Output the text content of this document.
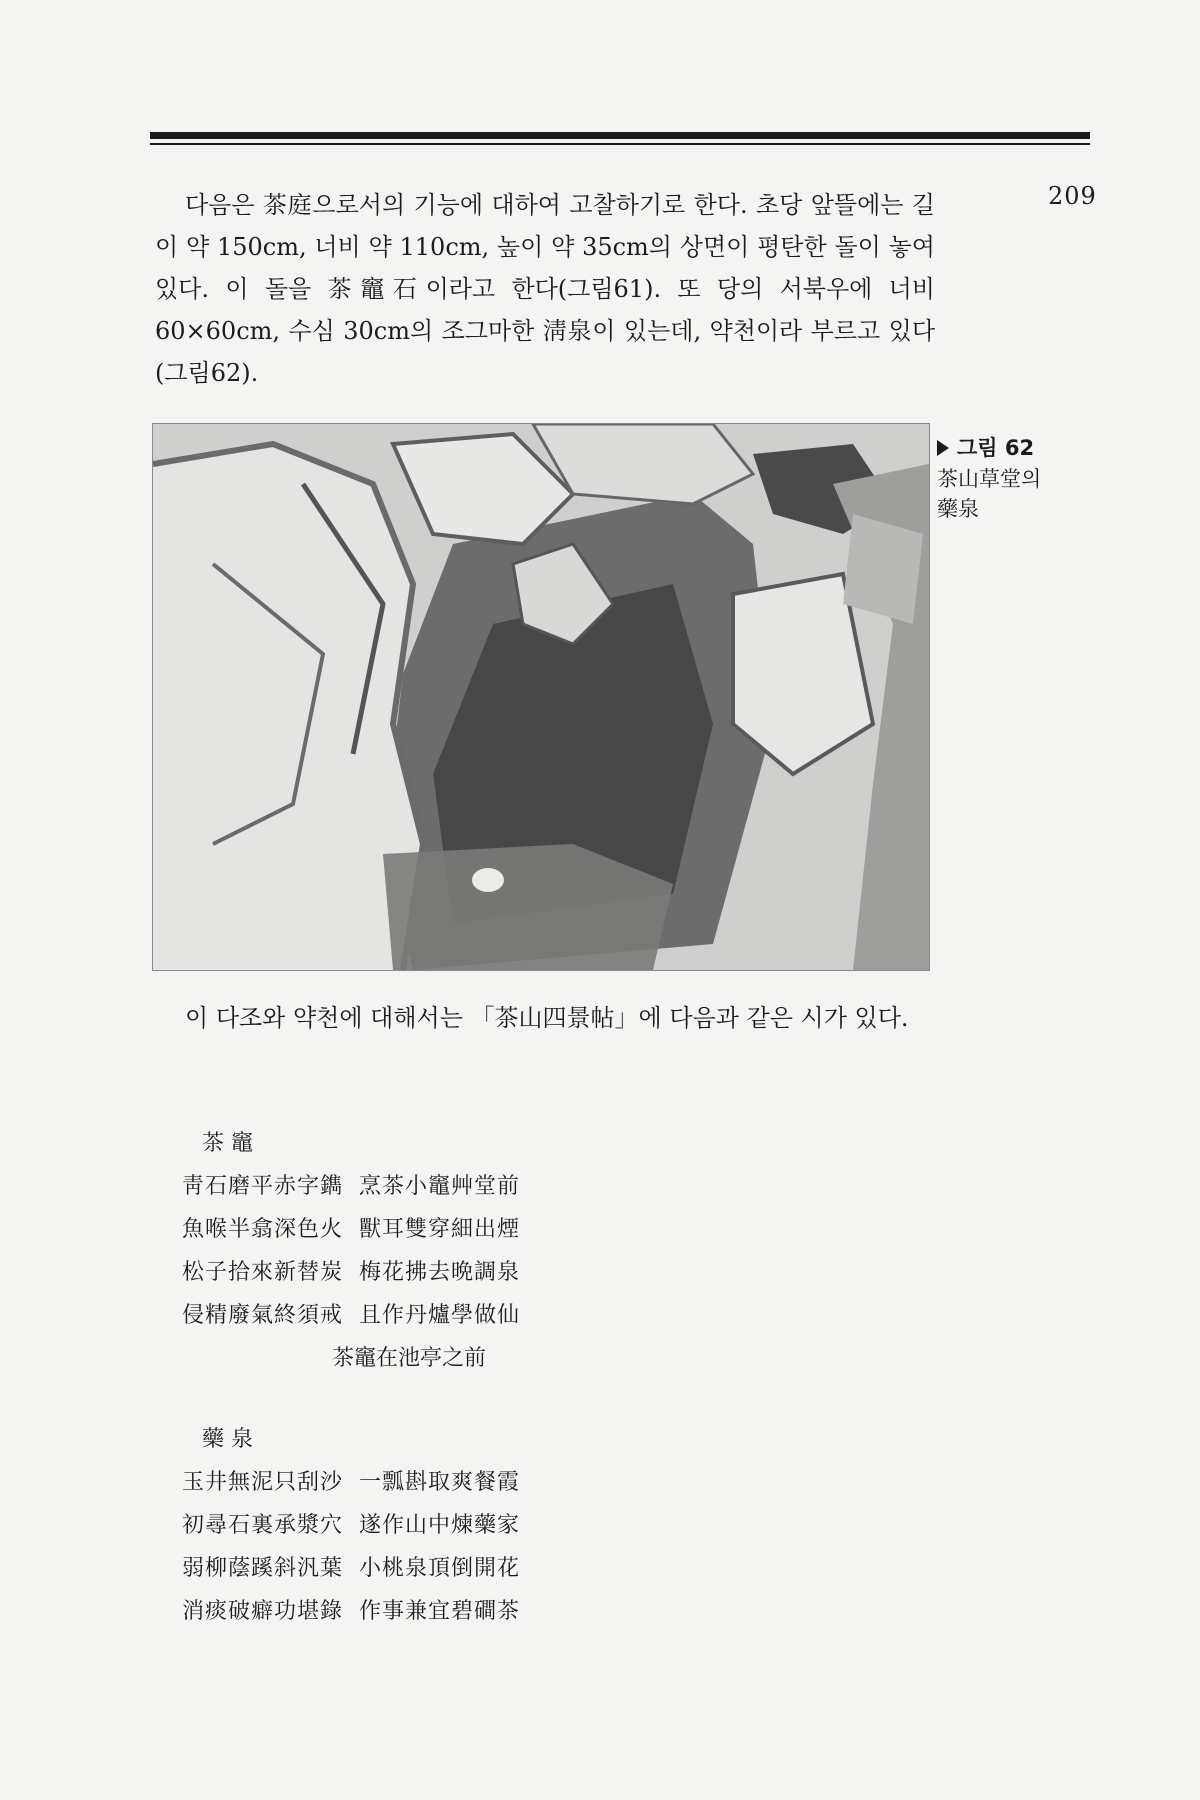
209

다음은 茶庭으로서의 기능에 대하여 고찰하기로 한다. 초당 앞뜰에는 길이 약 150cm, 너비 약 110cm, 높이 약 35cm의 상면이 평탄한 돌이 놓여 있다. 이 돌을 茶竈石이라고 한다(그림61). 또 당의 서북우에 너비 60×60cm, 수심 30cm의 조그마한 淸泉이 있는데, 약천이라 부르고 있다(그림62).

그림 62
茶山草堂의
藥泉

이 다조와 약천에 대해서는 「茶山四景帖」에 다음과 같은 시가 있다.

茶 竈
靑石磨平赤字鐫  烹茶小竈艸堂前
魚喉半翕深色火  獸耳雙穿細出煙
松子拾來新替炭  梅花拂去晩調泉
侵精廢氣終須戒  且作丹爐學做仙
茶竈在池亭之前
藥 泉
玉井無泥只刮沙  一瓢斟取爽餐霞
初尋石裏承漿穴  遂作山中煉藥家
弱柳蔭蹊斜汎葉  小桃泉頂倒開花
消痰破癖功堪錄  作事兼宜碧磵茶
